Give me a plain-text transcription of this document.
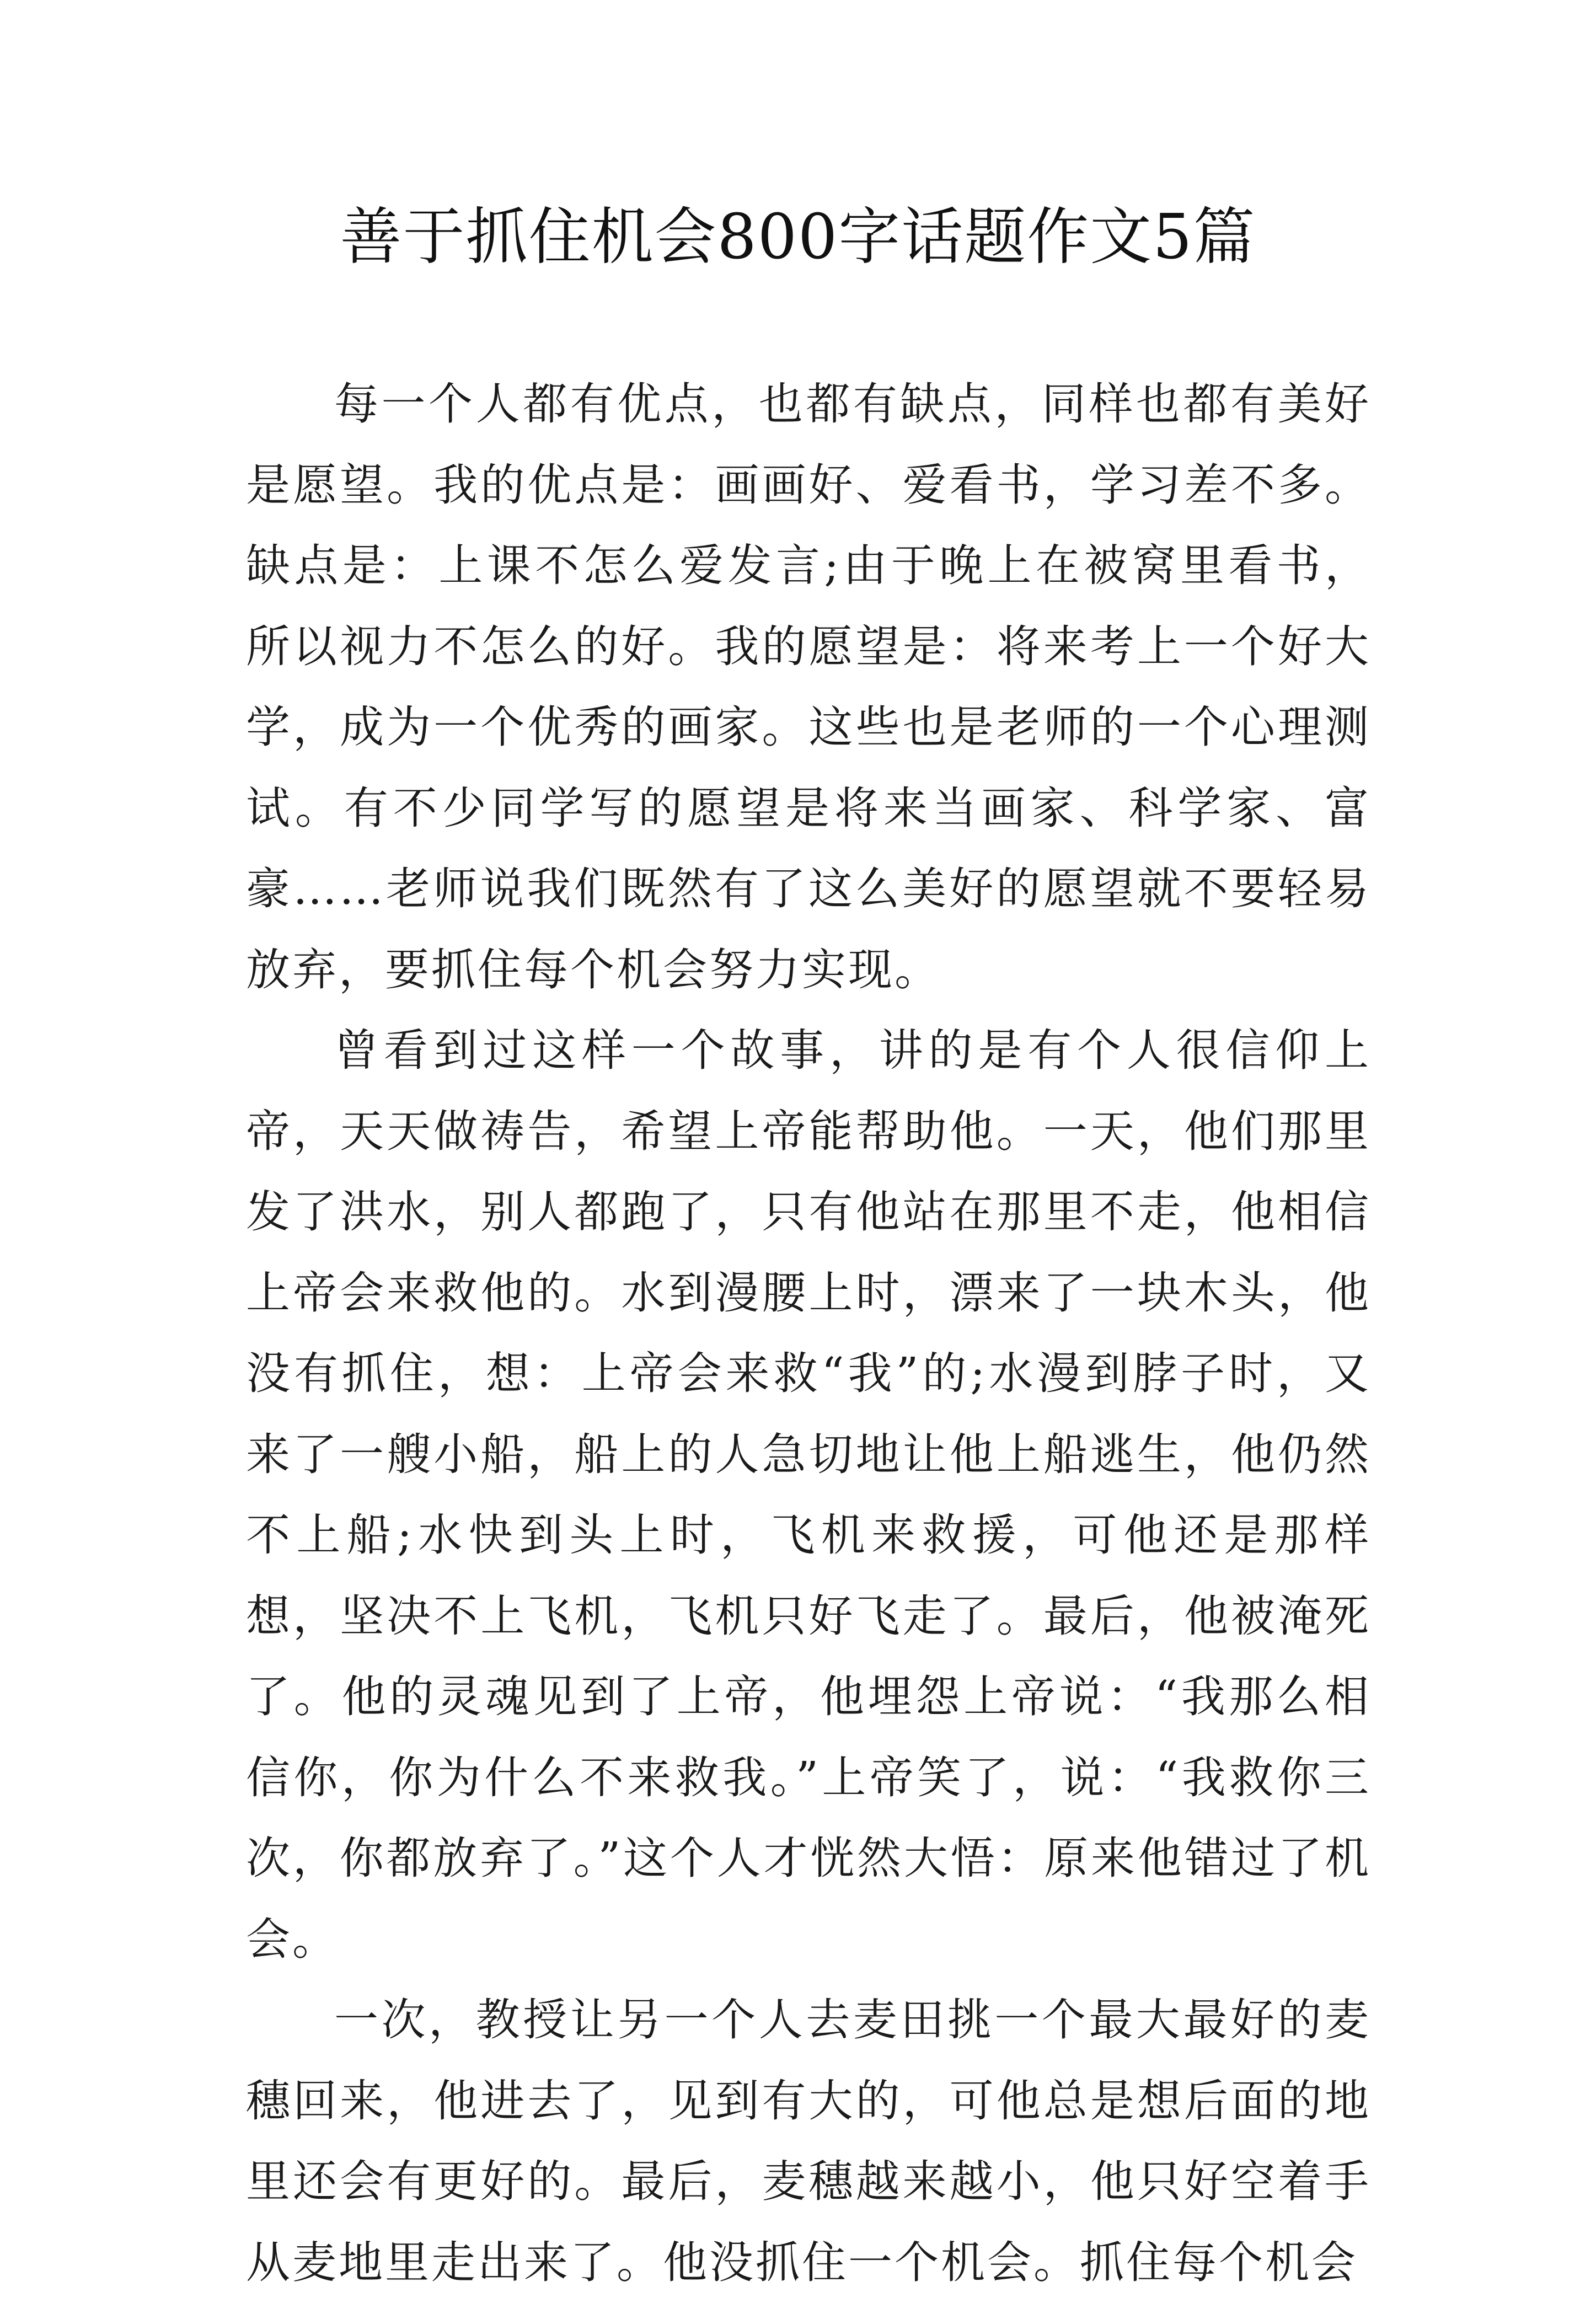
善于抓住机会800字话题作文5篇

每一个人都有优点，也都有缺点，同样也都有美好是愿望。我的优点是：画画好、爱看书，学习差不多。缺点是：上课不怎么爱发言;由于晚上在被窝里看书，所以视力不怎么的好。我的愿望是：将来考上一个好大学，成为一个优秀的画家。这些也是老师的一个心理测试。有不少同学写的愿望是将来当画家、科学家、富豪……老师说我们既然有了这么美好的愿望就不要轻易放弃，要抓住每个机会努力实现。

曾看到过这样一个故事，讲的是有个人很信仰上帝，天天做祷告，希望上帝能帮助他。一天，他们那里发了洪水，别人都跑了，只有他站在那里不走，他相信上帝会来救他的。水到漫腰上时，漂来了一块木头，他没有抓住，想：上帝会来救“我”的;水漫到脖子时，又来了一艘小船，船上的人急切地让他上船逃生，他仍然不上船;水快到头上时，飞机来救援，可他还是那样想，坚决不上飞机，飞机只好飞走了。最后，他被淹死了。他的灵魂见到了上帝，他埋怨上帝说：“我那么相信你，你为什么不来救我。”上帝笑了，说：“我救你三次，你都放弃了。”这个人才恍然大悟：原来他错过了机会。

一次，教授让另一个人去麦田挑一个最大最好的麦穗回来，他进去了，见到有大的，可他总是想后面的地里还会有更好的。最后，麦穗越来越小，他只好空着手从麦地里走出来了。他没抓住一个机会。抓住每个机会
